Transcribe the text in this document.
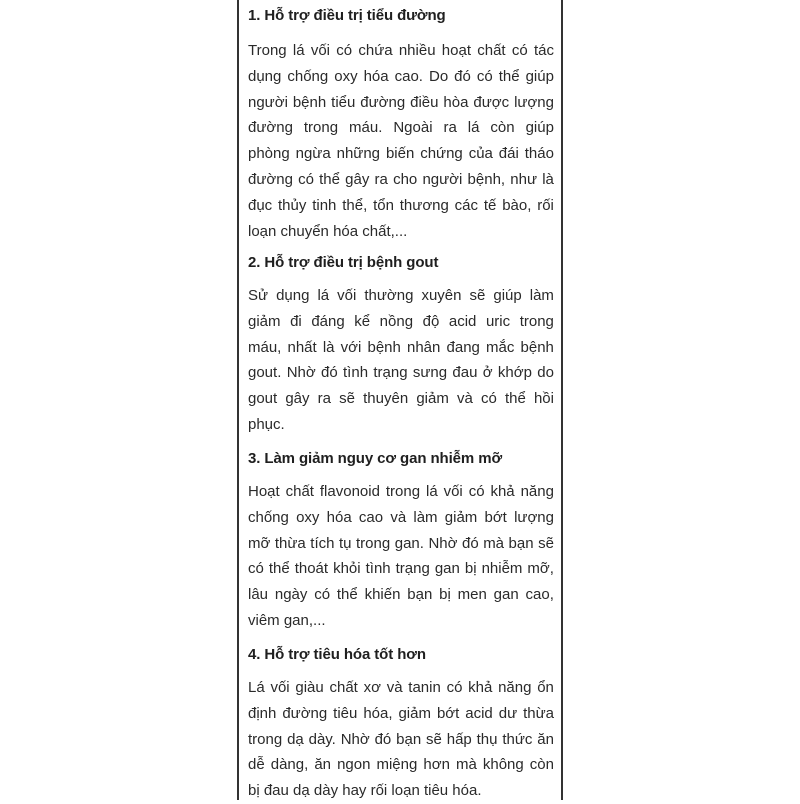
1. Hỗ trợ điều trị tiểu đường

Trong lá vối có chứa nhiều hoạt chất có tác
dụng chống oxy hóa cao. Do đó có thể giúp
người bệnh tiểu đường điều hòa được lượng
đường trong máu. Ngoài ra lá còn giúp
phòng ngừa những biến chứng của đái tháo
đường có thể gây ra cho người bệnh, như là
đục thủy tinh thể, tổn thương các tế bào, rối
loạn chuyển hóa chất,...

2. Hỗ trợ điều trị bệnh gout

Sử dụng lá vối thường xuyên sẽ giúp làm
giảm đi đáng kể nồng độ acid uric trong
máu, nhất là với bệnh nhân đang mắc bệnh
gout. Nhờ đó tình trạng sưng đau ở khớp do
gout gây ra sẽ thuyên giảm và có thể hồi
phục.

3. Làm giảm nguy cơ gan nhiễm mỡ

Hoạt chất flavonoid trong lá vối có khả năng
chống oxy hóa cao và làm giảm bớt lượng
mỡ thừa tích tụ trong gan. Nhờ đó mà bạn sẽ
có thể thoát khỏi tình trạng gan bị nhiễm mỡ,
lâu ngày có thể khiến bạn bị men gan cao,
viêm gan,...

4. Hỗ trợ tiêu hóa tốt hơn

Lá vối giàu chất xơ và tanin có khả năng ổn
định đường tiêu hóa, giảm bớt acid dư thừa
trong dạ dày. Nhờ đó bạn sẽ hấp thụ thức ăn
dễ dàng, ăn ngon miệng hơn mà không còn
bị đau dạ dày hay rối loạn tiêu hóa.
